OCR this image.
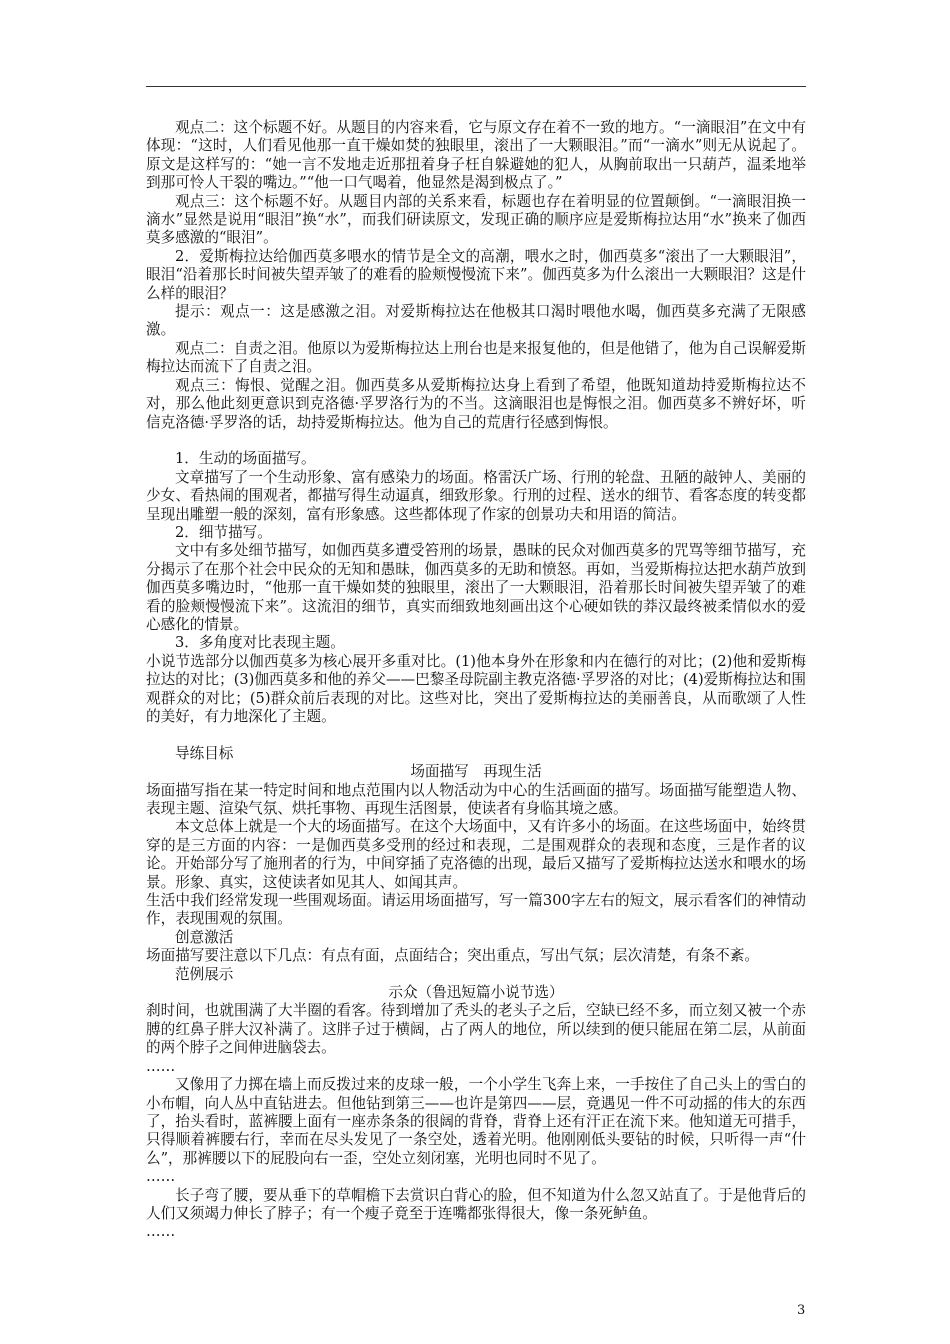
观点二：这个标题不好。从题目的内容来看，它与原文存在着不一致的地方。“一滴眼泪”在文中有体现：“这时，人们看见他那一直干燥如焚的独眼里，滚出了一大颗眼泪。”而“一滴水”则无从说起了。原文是这样写的：“她一言不发地走近那扭着身子枉自躲避她的犯人，从胸前取出一只葫芦，温柔地举到那可怜人干裂的嘴边。”“他一口气喝着，他显然是渴到极点了。”

观点三：这个标题不好。从题目内部的关系来看，标题也存在着明显的位置颠倒。“一滴眼泪换一滴水”显然是说用“眼泪”换“水”，而我们研读原文，发现正确的顺序应是爱斯梅拉达用“水”换来了伽西莫多感激的“眼泪”。

2．爱斯梅拉达给伽西莫多喂水的情节是全文的高潮，喂水之时，伽西莫多“滚出了一大颗眼泪”，眼泪“沿着那长时间被失望弄皱了的难看的脸颊慢慢流下来”。伽西莫多为什么滚出一大颗眼泪？这是什么样的眼泪？

提示：观点一：这是感激之泪。对爱斯梅拉达在他极其口渴时喂他水喝，伽西莫多充满了无限感激。

观点二：自责之泪。他原以为爱斯梅拉达上刑台也是来报复他的，但是他错了，他为自己误解爱斯梅拉达而流下了自责之泪。

观点三：悔恨、觉醒之泪。伽西莫多从爱斯梅拉达身上看到了希望，他既知道劫持爱斯梅拉达不对，那么他此刻更意识到克洛德·孚罗洛行为的不当。这滴眼泪也是悔恨之泪。伽西莫多不辨好坏，听信克洛德·孚罗洛的话，劫持爱斯梅拉达。他为自己的荒唐行径感到悔恨。

1．生动的场面描写。

文章描写了一个生动形象、富有感染力的场面。格雷沃广场、行刑的轮盘、丑陋的敲钟人、美丽的少女、看热闹的围观者，都描写得生动逼真，细致形象。行刑的过程、送水的细节、看客态度的转变都呈现出雕塑一般的深刻，富有形象感。这些都体现了作家的创景功夫和用语的简洁。

2．细节描写。

文中有多处细节描写，如伽西莫多遭受笞刑的场景，愚昧的民众对伽西莫多的咒骂等细节描写，充分揭示了在那个社会中民众的无知和愚昧，伽西莫多的无助和愤怒。再如，当爱斯梅拉达把水葫芦放到伽西莫多嘴边时，“他那一直干燥如焚的独眼里，滚出了一大颗眼泪，沿着那长时间被失望弄皱了的难看的脸颊慢慢流下来”。这流泪的细节，真实而细致地刻画出这个心硬如铁的莽汉最终被柔情似水的爱心感化的情景。

3．多角度对比表现主题。

小说节选部分以伽西莫多为核心展开多重对比。(1)他本身外在形象和内在德行的对比；(2)他和爱斯梅拉达的对比；(3)伽西莫多和他的养父——巴黎圣母院副主教克洛德·孚罗洛的对比；(4)爱斯梅拉达和围观群众的对比；(5)群众前后表现的对比。这些对比，突出了爱斯梅拉达的美丽善良，从而歌颂了人性的美好，有力地深化了主题。

导练目标

场面描写　再现生活

场面描写指在某一特定时间和地点范围内以人物活动为中心的生活画面的描写。场面描写能塑造人物、表现主题、渲染气氛、烘托事物、再现生活图景，使读者有身临其境之感。

本文总体上就是一个大的场面描写。在这个大场面中，又有许多小的场面。在这些场面中，始终贯穿的是三方面的内容：一是伽西莫多受刑的经过和表现，二是围观群众的表现和态度，三是作者的议论。开始部分写了施刑者的行为，中间穿插了克洛德的出现，最后又描写了爱斯梅拉达送水和喂水的场景。形象、真实，这使读者如见其人、如闻其声。

生活中我们经常发现一些围观场面。请运用场面描写，写一篇300字左右的短文，展示看客们的神情动作，表现围观的氛围。

创意激活

场面描写要注意以下几点：有点有面，点面结合；突出重点，写出气氛；层次清楚，有条不紊。

范例展示

示众（鲁迅短篇小说节选）

刹时间，也就围满了大半圈的看客。待到增加了秃头的老头子之后，空缺已经不多，而立刻又被一个赤膊的红鼻子胖大汉补满了。这胖子过于横阔，占了两人的地位，所以续到的便只能屈在第二层，从前面的两个脖子之间伸进脑袋去。

……

又像用了力掷在墙上而反拨过来的皮球一般，一个小学生飞奔上来，一手按住了自己头上的雪白的小布帽，向人丛中直钻进去。但他钻到第三——也许是第四——层，竟遇见一件不可动摇的伟大的东西了，抬头看时，蓝裤腰上面有一座赤条条的很阔的背脊，背脊上还有汗正在流下来。他知道无可措手，只得顺着裤腰右行，幸而在尽头发见了一条空处，透着光明。他刚刚低头要钻的时候，只听得一声“什么”，那裤腰以下的屁股向右一歪，空处立刻闭塞，光明也同时不见了。

……

长子弯了腰，要从垂下的草帽檐下去赏识白背心的脸，但不知道为什么忽又站直了。于是他背后的人们又须竭力伸长了脖子；有一个瘦子竟至于连嘴都张得很大，像一条死鲈鱼。

……

3
